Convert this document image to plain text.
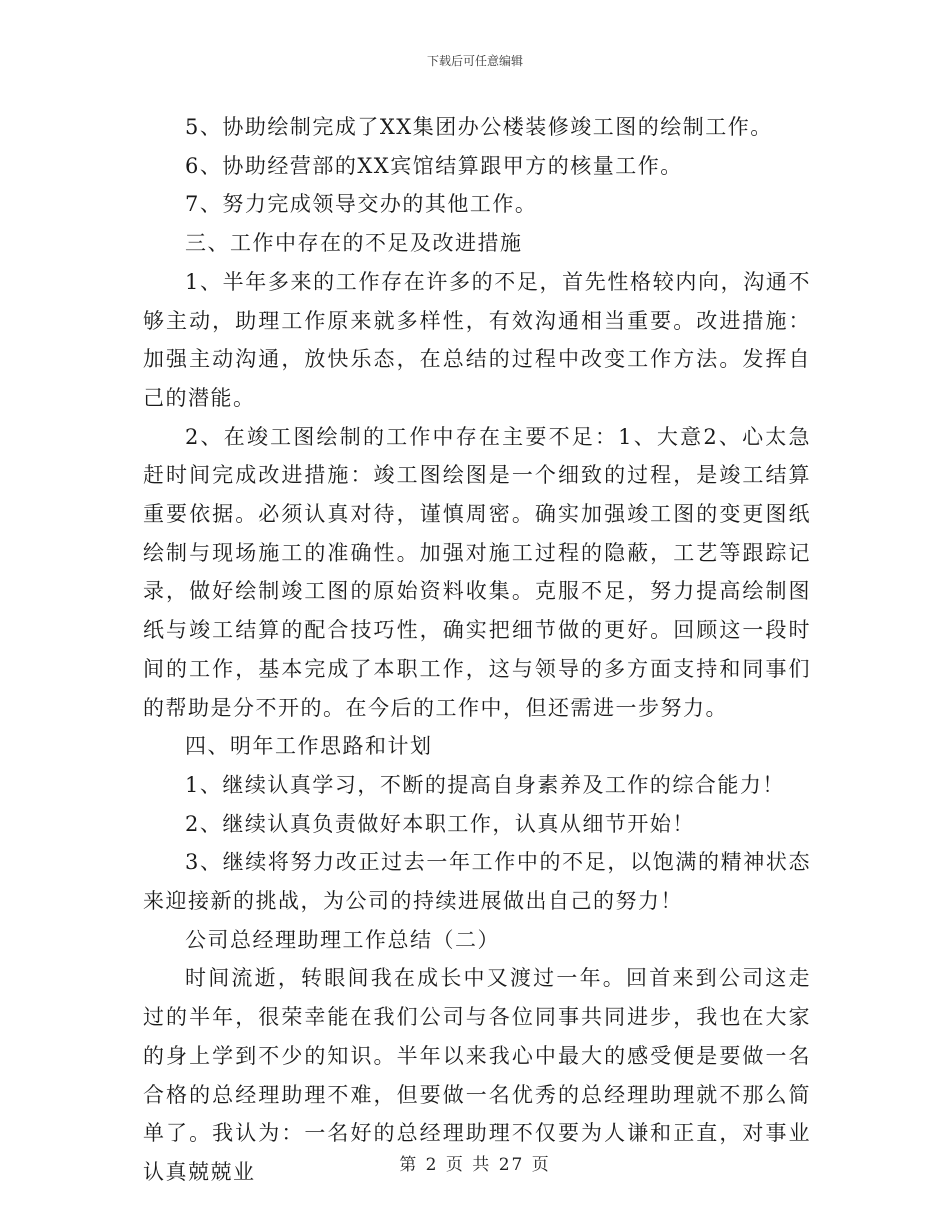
下载后可任意编辑

5、协助绘制完成了XX集团办公楼装修竣工图的绘制工作。

6、协助经营部的XX宾馆结算跟甲方的核量工作。

7、努力完成领导交办的其他工作。

三、工作中存在的不足及改进措施

1、半年多来的工作存在许多的不足，首先性格较内向，沟通不够主动，助理工作原来就多样性，有效沟通相当重要。改进措施：加强主动沟通，放快乐态，在总结的过程中改变工作方法。发挥自己的潜能。

2、在竣工图绘制的工作中存在主要不足：1、大意2、心太急赶时间完成改进措施：竣工图绘图是一个细致的过程，是竣工结算重要依据。必须认真对待，谨慎周密。确实加强竣工图的变更图纸绘制与现场施工的准确性。加强对施工过程的隐蔽，工艺等跟踪记录，做好绘制竣工图的原始资料收集。克服不足，努力提高绘制图纸与竣工结算的配合技巧性，确实把细节做的更好。回顾这一段时间的工作，基本完成了本职工作，这与领导的多方面支持和同事们的帮助是分不开的。在今后的工作中，但还需进一步努力。

四、明年工作思路和计划

1、继续认真学习，不断的提高自身素养及工作的综合能力！

2、继续认真负责做好本职工作，认真从细节开始！

3、继续将努力改正过去一年工作中的不足，以饱满的精神状态来迎接新的挑战，为公司的持续进展做出自己的努力！

公司总经理助理工作总结（二）

时间流逝，转眼间我在成长中又渡过一年。回首来到公司这走过的半年，很荣幸能在我们公司与各位同事共同进步，我也在大家的身上学到不少的知识。半年以来我心中最大的感受便是要做一名合格的总经理助理不难，但要做一名优秀的总经理助理就不那么简单了。我认为：一名好的总经理助理不仅要为人谦和正直，对事业认真兢兢业	第 2 页 共 27 页
